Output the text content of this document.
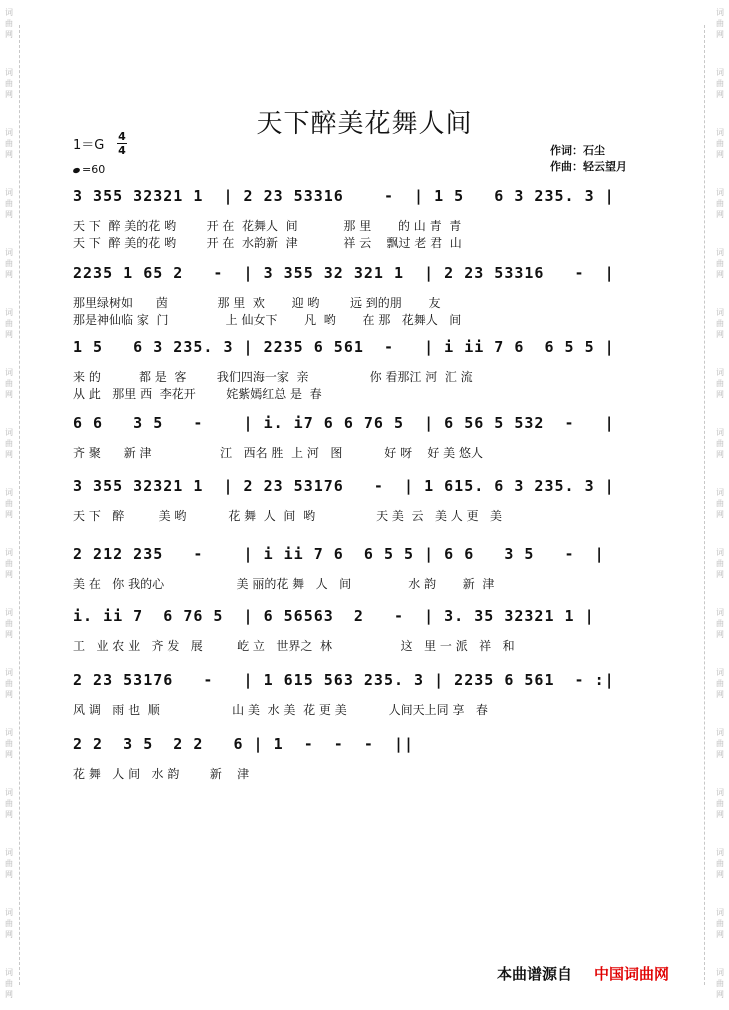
词
曲
网
词
曲
网
词
曲
网
词
曲
网
词
曲
网
词
曲
网
词
曲
网
词
曲
网
词
曲
网
词
曲
网
词
曲
网
词
曲
网
词
曲
网
词
曲
网
词
曲
网
词
曲
网
词
曲
网
词
曲
网
词
曲
网
词
曲
网
词
曲
网
词
曲
网
词
曲
网
词
曲
网
词
曲
网
词
曲
网
词
曲
网
词
曲
网
词
曲
网
词
曲
网
词
曲
网
词
曲
网
词
曲
网
词
曲
网
天下醉美花舞人间
1＝G
4
4
=60
作词：石尘
作曲：轻云望月
3 355 32321 1  | 2 23 53316    -  | 1 5   6 3 235. 3 |
天 下  醉 美的花 哟        开 在  花舞人  间            那 里       的 山 青  青
天 下  醉 美的花 哟        开 在  水韵新  津            祥 云    飘过 老 君  山
2235 1 65 2   -  | 3 355 32 321 1  | 2 23 53316   -  |
那里绿树如      茵             那 里  欢       迎 哟        远 到的朋       友
那是神仙临 家  门               上 仙女下       凡  哟       在 那   花舞人   间
1 5   6 3 235. 3 | 2235 6 561  -   | i ii 7 6  6 5 5 |
来 的          都 是  客        我们四海一家  亲                你 看那江 河  汇 流
从 此   那里 西  李花开        姹紫嫣红总 是  春
6 6   3 5   -    | i. i7 6 6 76 5  | 6 56 5 532  -   |
齐 聚      新 津                  江   西名 胜  上 河   图           好 呀    好 美 悠人
3 355 32321 1  | 2 23 53176   -  | 1 615. 6 3 235. 3 |
天 下   醉         美 哟           花 舞  人  间  哟                天 美  云   美 人 更   美
2 212 235   -    | i ii 7 6  6 5 5 | 6 6   3 5   -  |
美 在   你 我的心                   美 丽的花 舞   人   间               水 韵       新  津
i. ii 7  6 76 5  | 6 56563  2   -  | 3. 35 32321 1 |
工   业 农 业   齐 发   展         屹 立   世界之  林                  这   里 一 派   祥   和
2 23 53176   -   | 1 615 563 235. 3 | 2235 6 561  - :|
风 调   雨 也  顺                   山 美  水 美  花 更 美           人间天上同 享   春
2 2  3 5  2 2   6 | 1  -  -  -  ||
花 舞   人 间   水 韵        新    津
本曲谱源自 中国词曲网
